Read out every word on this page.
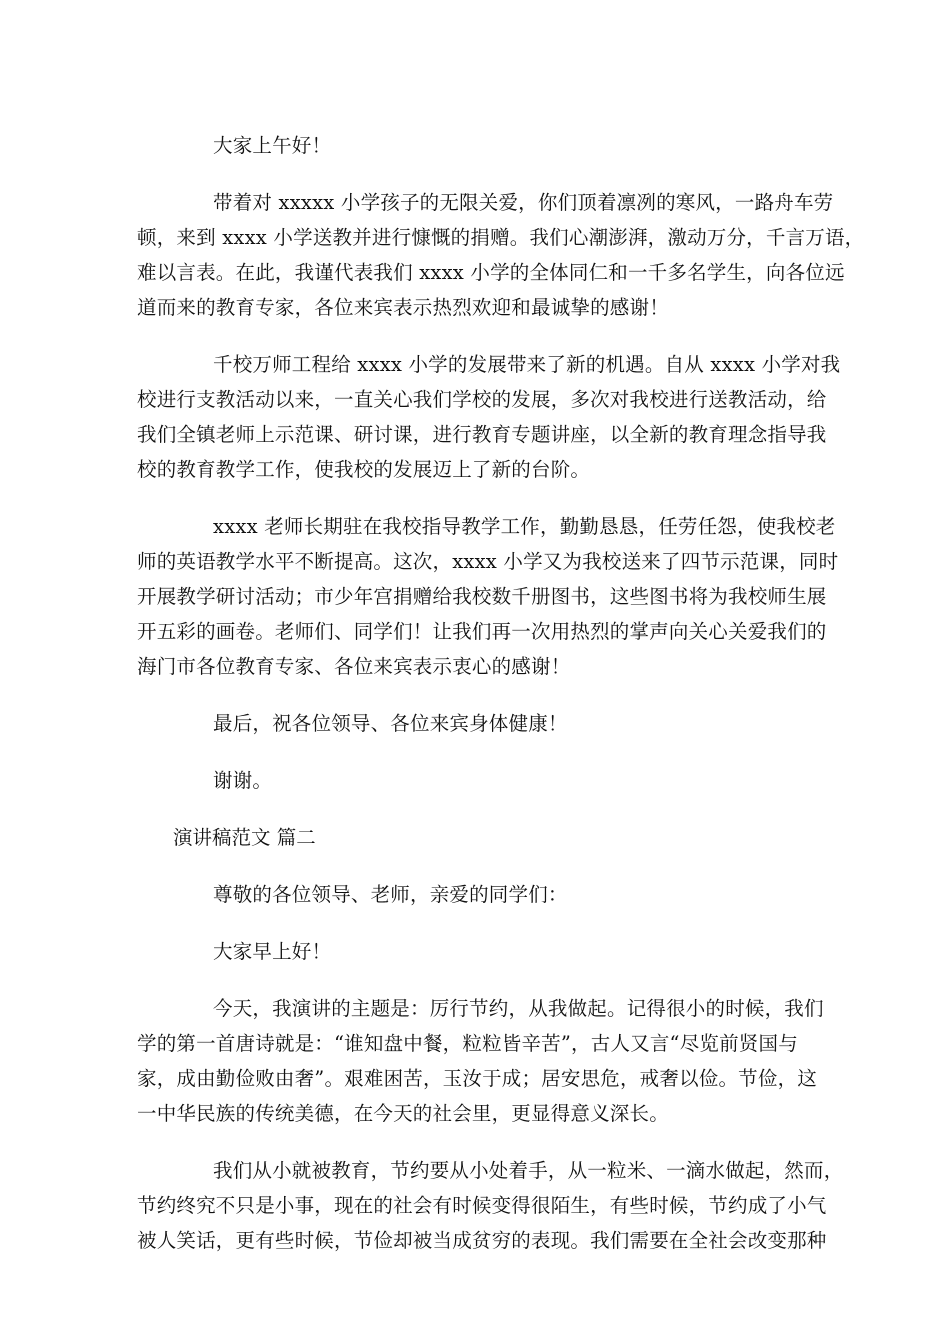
大家上午好！
带着对 xxxxx 小学孩子的无限关爱，你们顶着凛冽的寒风，一路舟车劳
顿，来到 xxxx 小学送教并进行慷慨的捐赠。我们心潮澎湃，激动万分，千言万语，
难以言表。在此，我谨代表我们 xxxx 小学的全体同仁和一千多名学生，向各位远
道而来的教育专家，各位来宾表示热烈欢迎和最诚挚的感谢！
千校万师工程给 xxxx 小学的发展带来了新的机遇。自从 xxxx 小学对我
校进行支教活动以来，一直关心我们学校的发展，多次对我校进行送教活动，给
我们全镇老师上示范课、研讨课，进行教育专题讲座，以全新的教育理念指导我
校的教育教学工作，使我校的发展迈上了新的台阶。
xxxx 老师长期驻在我校指导教学工作，勤勤恳恳，任劳任怨，使我校老
师的英语教学水平不断提高。这次，xxxx 小学又为我校送来了四节示范课，同时
开展教学研讨活动；市少年宫捐赠给我校数千册图书，这些图书将为我校师生展
开五彩的画卷。老师们、同学们！让我们再一次用热烈的掌声向关心关爱我们的
海门市各位教育专家、各位来宾表示衷心的感谢！
最后，祝各位领导、各位来宾身体健康！
谢谢。
演讲稿范文 篇二
尊敬的各位领导、老师，亲爱的同学们：
大家早上好！
今天，我演讲的主题是：厉行节约，从我做起。记得很小的时候，我们
学的第一首唐诗就是：“谁知盘中餐，粒粒皆辛苦”，古人又言“尽览前贤国与
家，成由勤俭败由奢”。艰难困苦，玉汝于成；居安思危，戒奢以俭。节俭，这
一中华民族的传统美德，在今天的社会里，更显得意义深长。
我们从小就被教育，节约要从小处着手，从一粒米、一滴水做起，然而，
节约终究不只是小事，现在的社会有时候变得很陌生，有些时候，节约成了小气
被人笑话，更有些时候，节俭却被当成贫穷的表现。我们需要在全社会改变那种
